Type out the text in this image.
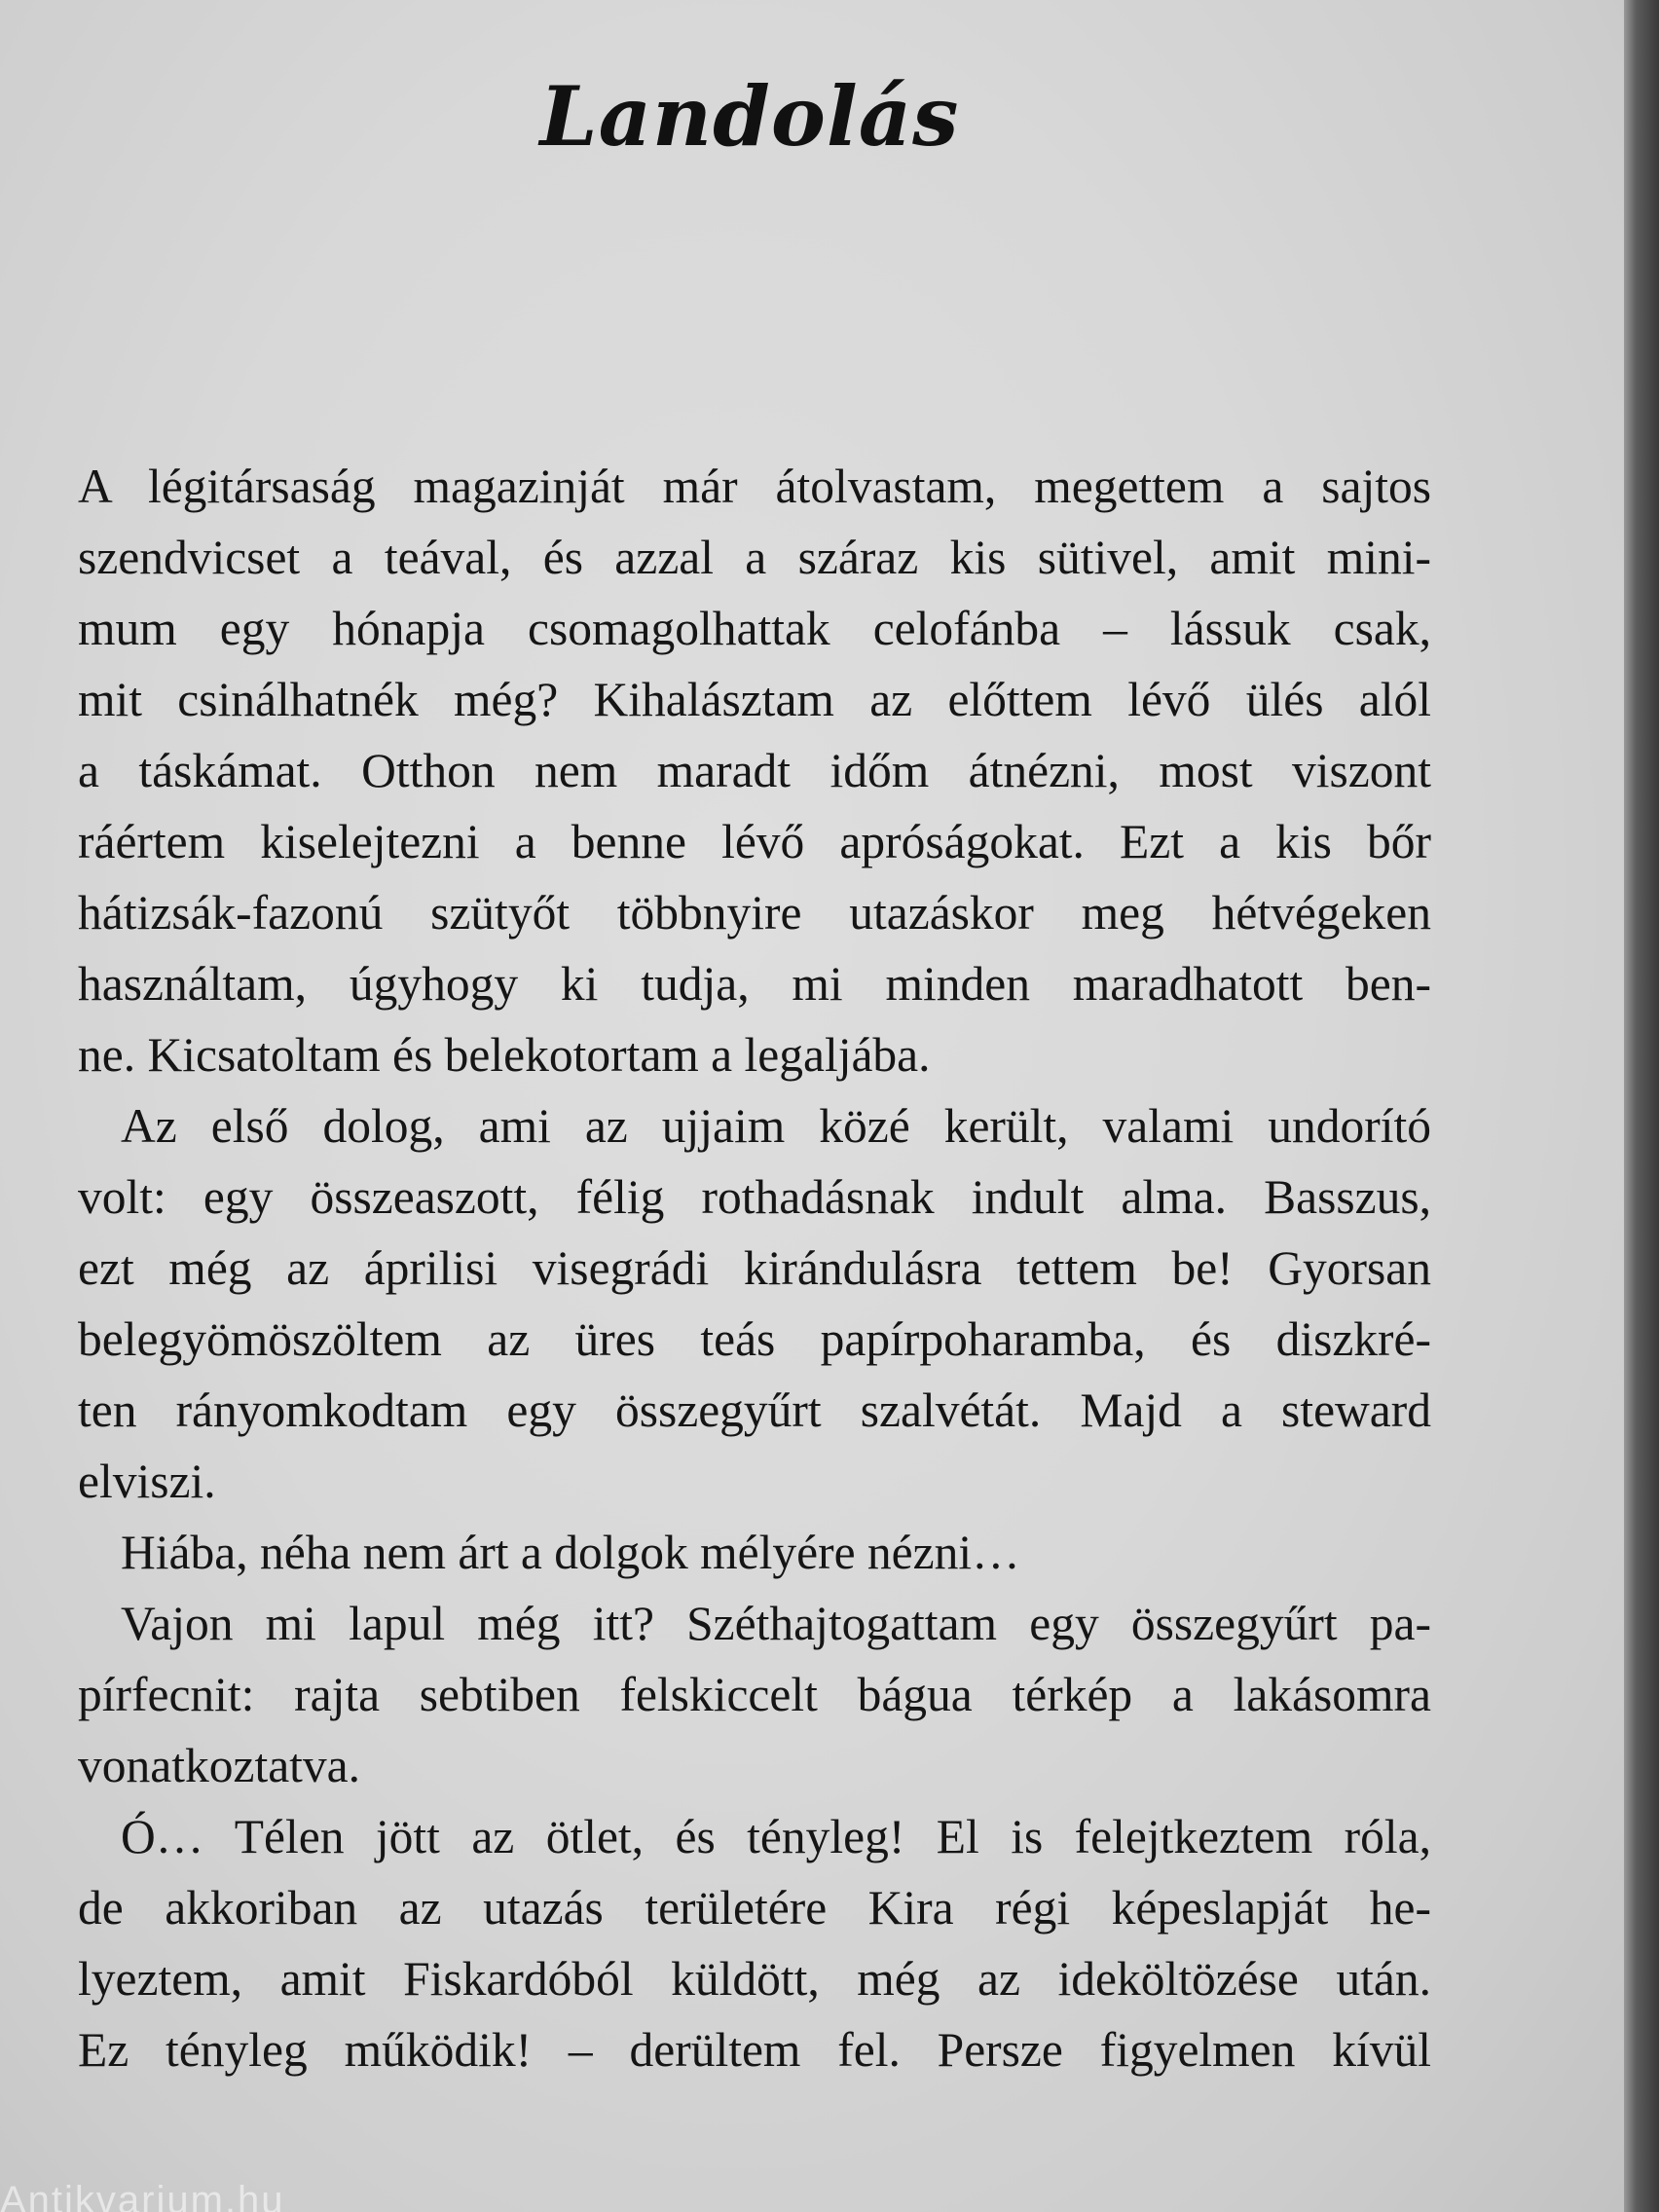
Landolás
A légitársaság magazinját már átolvastam, megettem a sajtos
szendvicset a teával, és azzal a száraz kis sütivel, amit mini-
mum egy hónapja csomagolhattak celofánba – lássuk csak,
mit csinálhatnék még? Kihalásztam az előttem lévő ülés alól
a táskámat. Otthon nem maradt időm átnézni, most viszont
ráértem kiselejtezni a benne lévő apróságokat. Ezt a kis bőr
hátizsák-fazonú szütyőt többnyire utazáskor meg hétvégeken
használtam, úgyhogy ki tudja, mi minden maradhatott ben-
ne. Kicsatoltam és belekotortam a legaljába.
Az első dolog, ami az ujjaim közé került, valami undorító
volt: egy összeaszott, félig rothadásnak indult alma. Basszus,
ezt még az áprilisi visegrádi kirándulásra tettem be! Gyorsan
belegyömöszöltem az üres teás papírpoharamba, és diszkré-
ten rányomkodtam egy összegyűrt szalvétát. Majd a steward
elviszi.
Hiába, néha nem árt a dolgok mélyére nézni…
Vajon mi lapul még itt? Széthajtogattam egy összegyűrt pa-
pírfecnit: rajta sebtiben felskiccelt bágua térkép a lakásomra
vonatkoztatva.
Ó… Télen jött az ötlet, és tényleg! El is felejtkeztem róla,
de akkoriban az utazás területére Kira régi képeslapját he-
lyeztem, amit Fiskardóból küldött, még az ideköltözése után.
Ez tényleg működik! – derültem fel. Persze figyelmen kívül
Antikvarium.hu
